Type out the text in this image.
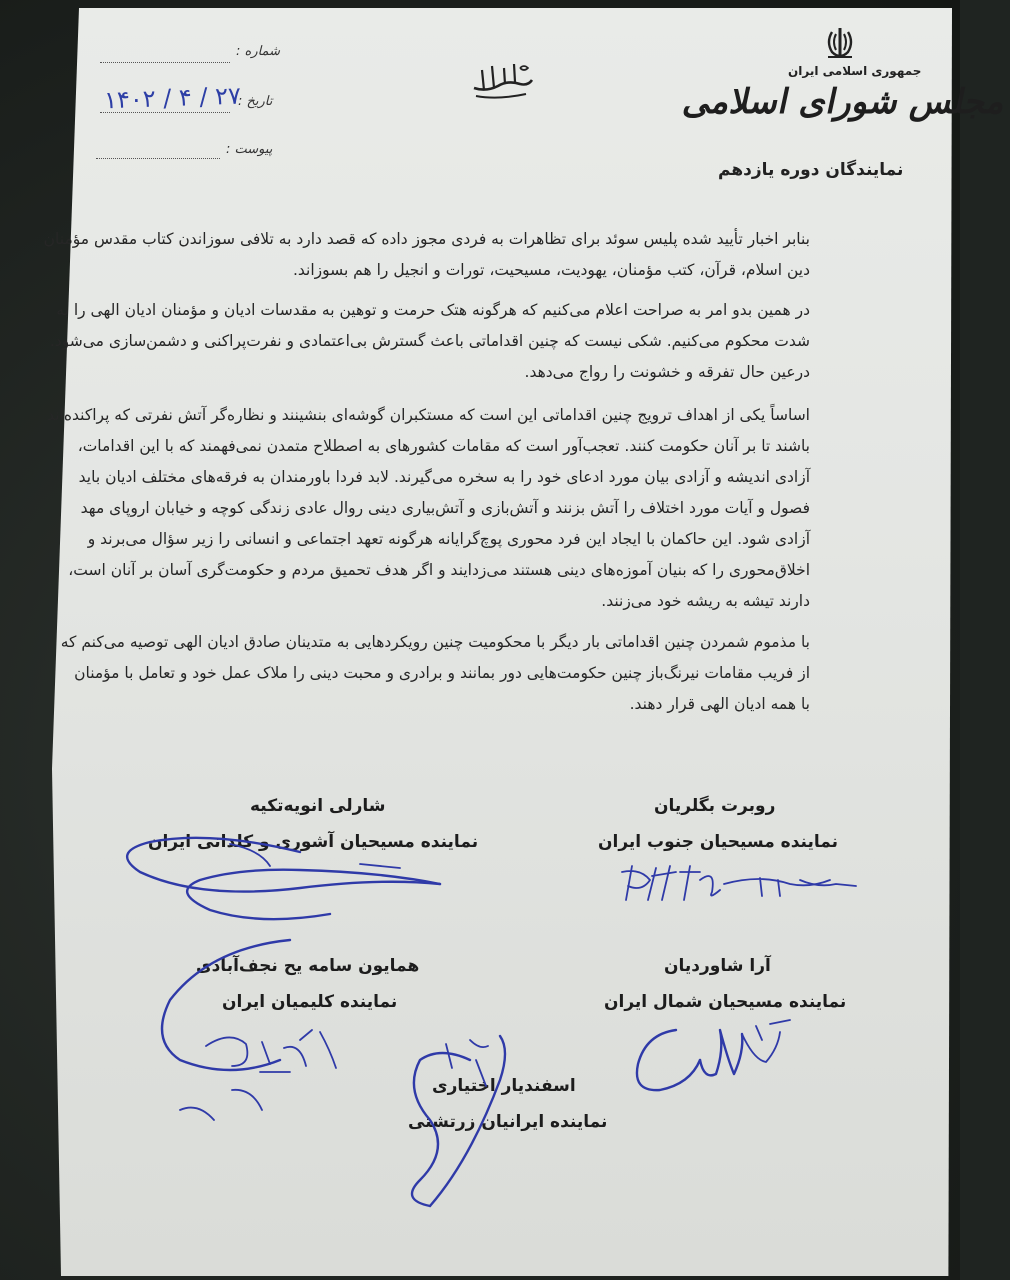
شماره :
تاریخ :
۱۴۰۲ / ۴ / ۲۷
پیوست :
جمهوری اسلامی ایران
مجلس شورای اسلامی
نمایندگان دوره یازدهم
بنابر اخبار تأیید شده پلیس سوئد برای تظاهرات به فردی مجوز داده که قصد دارد به تلافی سوزاندن کتاب مقدس مؤمنان
دین اسلام، قرآن، کتب مؤمنان، یهودیت، مسیحیت، تورات و انجیل را هم بسوزاند.
در همین بدو امر به صراحت اعلام می‌کنیم که هرگونه هتک حرمت و توهین به مقدسات ادیان و مؤمنان ادیان الهی را به
شدت محکوم می‌کنیم. شکی نیست که چنین اقداماتی باعث گسترش بی‌اعتمادی و نفرت‌پراکنی و دشمن‌سازی می‌شود.
درعین حال تفرقه و خشونت را رواج می‌دهد.
اساساً یکی از اهداف ترویج چنین اقداماتی این است که مستکبران گوشه‌ای بنشینند و نظاره‌گر آتش نفرتی که پراکنده‌اند
باشند تا بر آنان حکومت کنند. تعجب‌آور است که مقامات کشورهای به اصطلاح متمدن نمی‌فهمند که با این اقدامات،
آزادی اندیشه و آزادی بیان مورد ادعای خود را به سخره می‌گیرند. لابد فردا باورمندان به فرقه‌های مختلف ادیان باید
فصول و آیات مورد اختلاف را آتش بزنند و آتش‌بازی و آتش‌بیاری دینی روال عادی زندگی کوچه و خیابان اروپای مهد
آزادی شود. این حاکمان با ایجاد این فرد محوری پوچ‌گرایانه هرگونه تعهد اجتماعی و انسانی را زیر سؤال می‌برند و
اخلاق‌محوری را که بنیان آموزه‌های دینی هستند می‌زدایند و اگر هدف تحمیق مردم و حکومت‌گری آسان بر آنان است،
دارند تیشه به ریشه خود می‌زنند.
با مذموم شمردن چنین اقداماتی بار دیگر با محکومیت چنین رویکردهایی به متدینان صادق ادیان الهی توصیه می‌کنم که
از فریب مقامات نیرنگ‌باز چنین حکومت‌هایی دور بمانند و برادری و محبت دینی را ملاک عمل خود و تعامل با مؤمنان
با همه ادیان الهی قرار دهند.
روبرت بگلریان
نماینده مسیحیان جنوب ایران
شارلی انویه‌تکیه
نماینده مسیحیان آشوری و کلدانی ایران
آرا شاوردیان
نماینده مسیحیان شمال ایران
همایون سامه یح نجف‌آبادی
نماینده کلیمیان ایران
اسفندیار اختیاری
نماینده ایرانیان زرتشتی
